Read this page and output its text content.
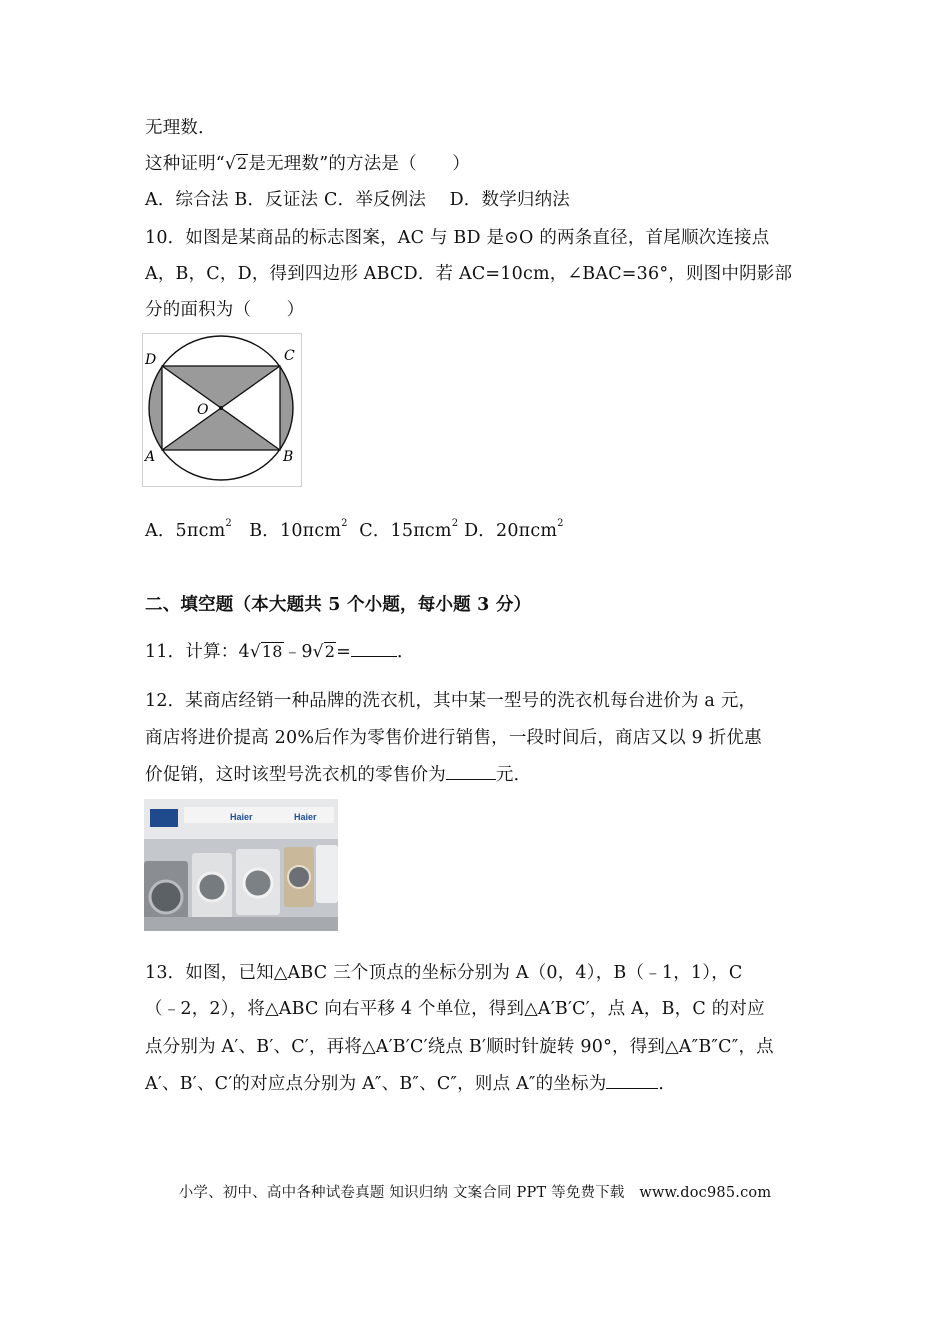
无理数．

这种证明“ √ 2 是无理数”的方法是（　　）

A．综合法 B．反证法 C．举反例法　 D．数学归纳法

10．如图是某商品的标志图案，AC 与 BD 是⊙O 的两条直径，首尾顺次连接点

A，B，C，D，得到四边形 ABCD．若 AC=10cm，∠BAC=36°，则图中阴影部

分的面积为（　　）

D	C
O
A	B

A．5πcm$^2$ B．10πcm$^2$ C．15πcm$^2$ D．20πcm$^2$

二、填空题（本大题共 5 个小题，每小题 3 分）

11．计算：4 √ 18 ﹣9 √ 2 =	．

12．某商店经销一种品牌的洗衣机，其中某一型号的洗衣机每台进价为 a 元，

商店将进价提高 20%后作为零售价进行销售，一段时间后，商店又以 9 折优惠

价促销，这时该型号洗衣机的零售价为	元．

Haier	Haier

13．如图，已知△ABC 三个顶点的坐标分别为 A（0，4），B（﹣1，1），C

（﹣2，2），将△ABC 向右平移 4 个单位，得到△A′B′C′，点 A，B，C 的对应

点分别为 A′、B′、C′，再将△A′B′C′绕点 B′顺时针旋转 90°，得到△A″B″C″，点

A′、B′、C′的对应点分别为 A″、B″、C″，则点 A″的坐标为	．

小学、初中、高中各种试卷真题 知识归纳 文案合同 PPT 等免费下载　www.doc985.com
